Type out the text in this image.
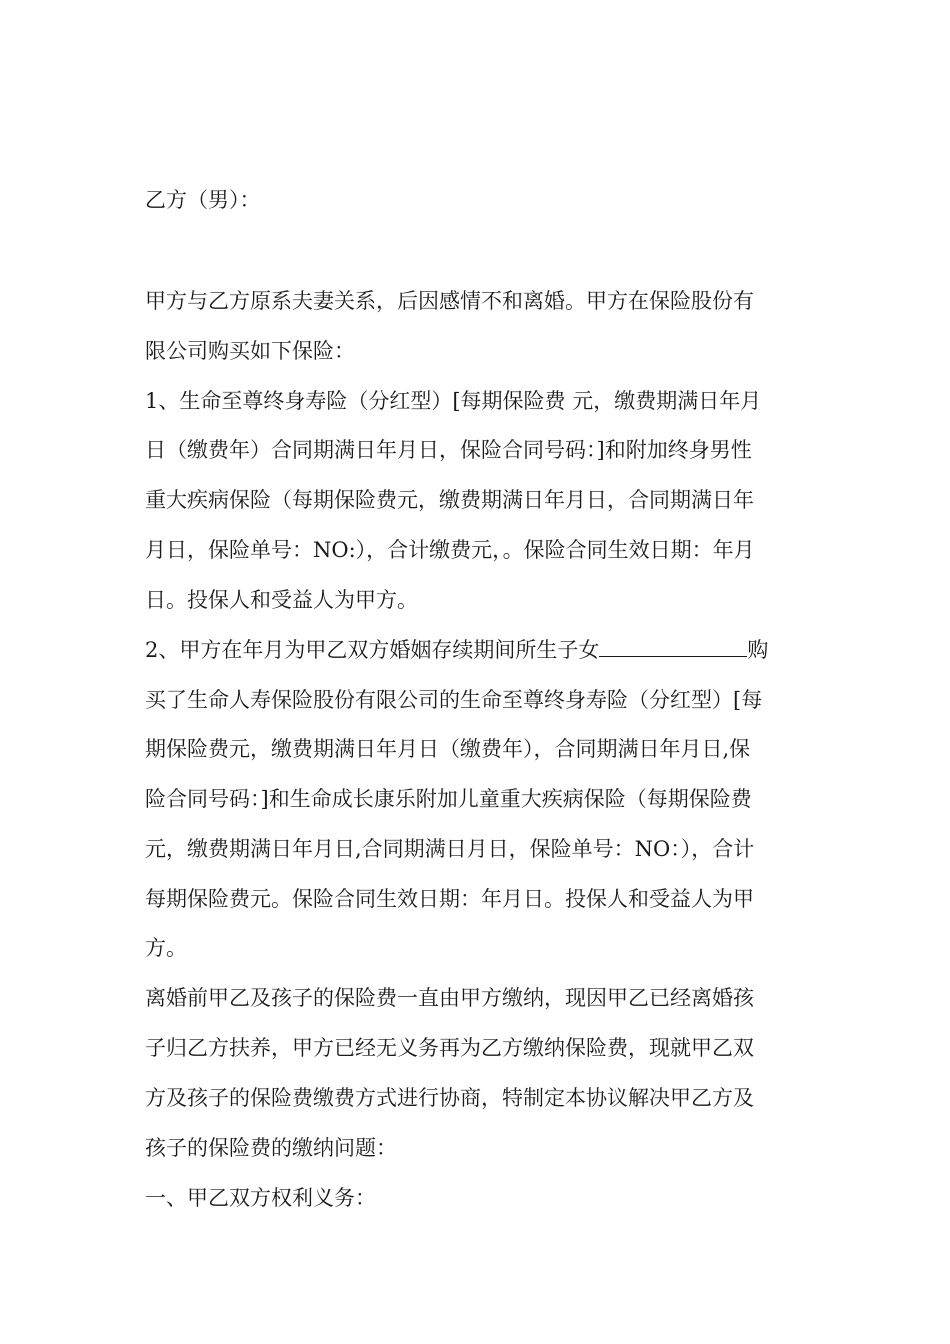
乙方（男）：
甲方与乙方原系夫妻关系，后因感情不和离婚。甲方在保险股份有
限公司购买如下保险：
1、生命至尊终身寿险（分红型）[每期保险费 元，缴费期满日年月
日（缴费年）合同期满日年月日，保险合同号码：]和附加终身男性
重大疾病保险（每期保险费元，缴费期满日年月日，合同期满日年
月日，保险单号：NO:），合计缴费元，。保险合同生效日期：年月
日。投保人和受益人为甲方。
2、甲方在年月为甲乙双方婚姻存续期间所生子女	购
买了生命人寿保险股份有限公司的生命至尊终身寿险（分红型）[每
期保险费元，缴费期满日年月日（缴费年），合同期满日年月日,保
险合同号码：]和生命成长康乐附加儿童重大疾病保险（每期保险费
元，缴费期满日年月日,合同期满日月日，保险单号：NO：），合计
每期保险费元。保险合同生效日期：年月日。投保人和受益人为甲
方。
离婚前甲乙及孩子的保险费一直由甲方缴纳，现因甲乙已经离婚孩
子归乙方扶养，甲方已经无义务再为乙方缴纳保险费，现就甲乙双
方及孩子的保险费缴费方式进行协商，特制定本协议解决甲乙方及
孩子的保险费的缴纳问题：
一、甲乙双方权利义务：
